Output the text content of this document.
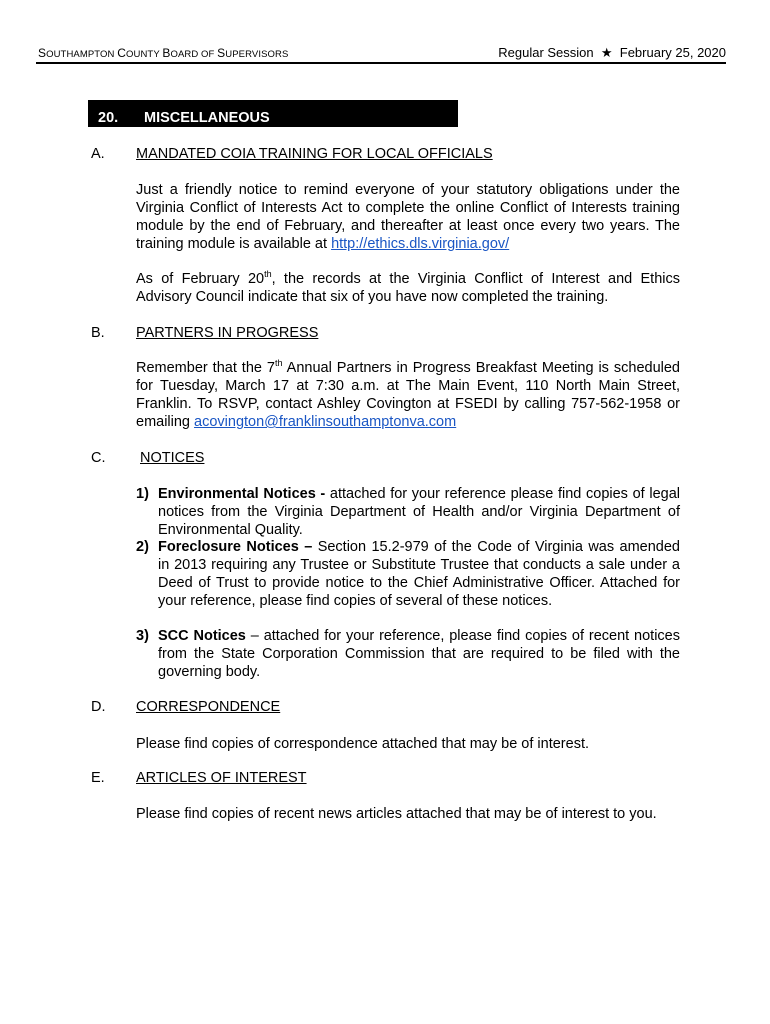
SOUTHAMPTON COUNTY BOARD OF SUPERVISORS	Regular Session ★ February 25, 2020
20. MISCELLANEOUS
A. MANDATED COIA TRAINING FOR LOCAL OFFICIALS
Just a friendly notice to remind everyone of your statutory obligations under the Virginia Conflict of Interests Act to complete the online Conflict of Interests training module by the end of February, and thereafter at least once every two years. The training module is available at http://ethics.dls.virginia.gov/
As of February 20th, the records at the Virginia Conflict of Interest and Ethics Advisory Council indicate that six of you have now completed the training.
B. PARTNERS IN PROGRESS
Remember that the 7th Annual Partners in Progress Breakfast Meeting is scheduled for Tuesday, March 17 at 7:30 a.m. at The Main Event, 110 North Main Street, Franklin. To RSVP, contact Ashley Covington at FSEDI by calling 757-562-1958 or emailing acovington@franklinsouthamptonva.com
C. NOTICES
1) Environmental Notices - attached for your reference please find copies of legal notices from the Virginia Department of Health and/or Virginia Department of Environmental Quality.
2) Foreclosure Notices – Section 15.2-979 of the Code of Virginia was amended in 2013 requiring any Trustee or Substitute Trustee that conducts a sale under a Deed of Trust to provide notice to the Chief Administrative Officer. Attached for your reference, please find copies of several of these notices.
3) SCC Notices – attached for your reference, please find copies of recent notices from the State Corporation Commission that are required to be filed with the governing body.
D. CORRESPONDENCE
Please find copies of correspondence attached that may be of interest.
E. ARTICLES OF INTEREST
Please find copies of recent news articles attached that may be of interest to you.
